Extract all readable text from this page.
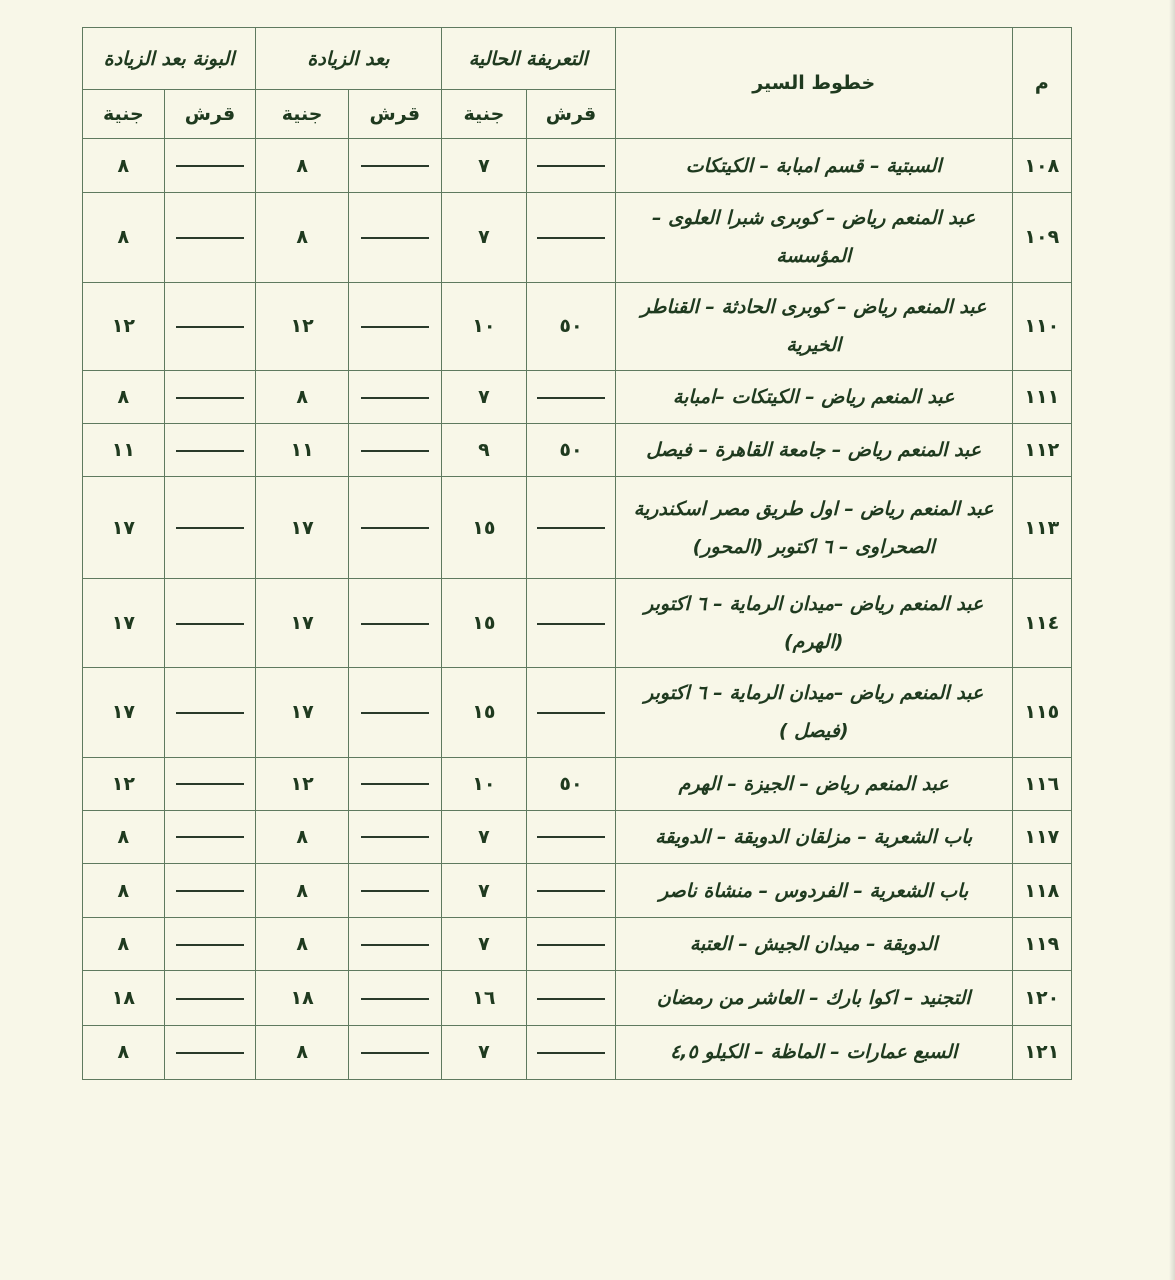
م	خطوط السير	التعريفة الحالية		بعد الزيادة		البونة بعد الزيادة	
		قرش	جنية	قرش	جنية	قرش	جنية
١٠٨	السبتية – قسم امبابة – الكيتكات		٧		٨		٨
١٠٩	عبد المنعم رياض – كوبرى شبرا العلوى – المؤسسة		٧		٨		٨
١١٠	عبد المنعم رياض – كوبرى الحادثة – القناطر الخيرية	٥٠	١٠		١٢		١٢
١١١	عبد المنعم رياض – الكيتكات –امبابة		٧		٨		٨
١١٢	عبد المنعم رياض – جامعة القاهرة – فيصل	٥٠	٩		١١		١١
١١٣	عبد المنعم رياض – اول طريق مصر اسكندرية الصحراوى – ٦ اكتوبر (المحور)		١٥		١٧		١٧
١١٤	عبد المنعم رياض –ميدان الرماية – ٦ اكتوبر (الهرم)		١٥		١٧		١٧
١١٥	عبد المنعم رياض –ميدان الرماية – ٦ اكتوبر (فيصل )		١٥		١٧		١٧
١١٦	عبد المنعم رياض – الجيزة – الهرم	٥٠	١٠		١٢		١٢
١١٧	باب الشعرية – مزلقان الدويقة – الدويقة		٧		٨		٨
١١٨	باب الشعرية – الفردوس – منشاة ناصر		٧		٨		٨
١١٩	الدويقة – ميدان الجيش – العتبة		٧		٨		٨
١٢٠	التجنيد – اكوا بارك – العاشر من رمضان		١٦		١٨		١٨
١٢١	السبع عمارات – الماظة – الكيلو ٤,٥		٧		٨		٨
